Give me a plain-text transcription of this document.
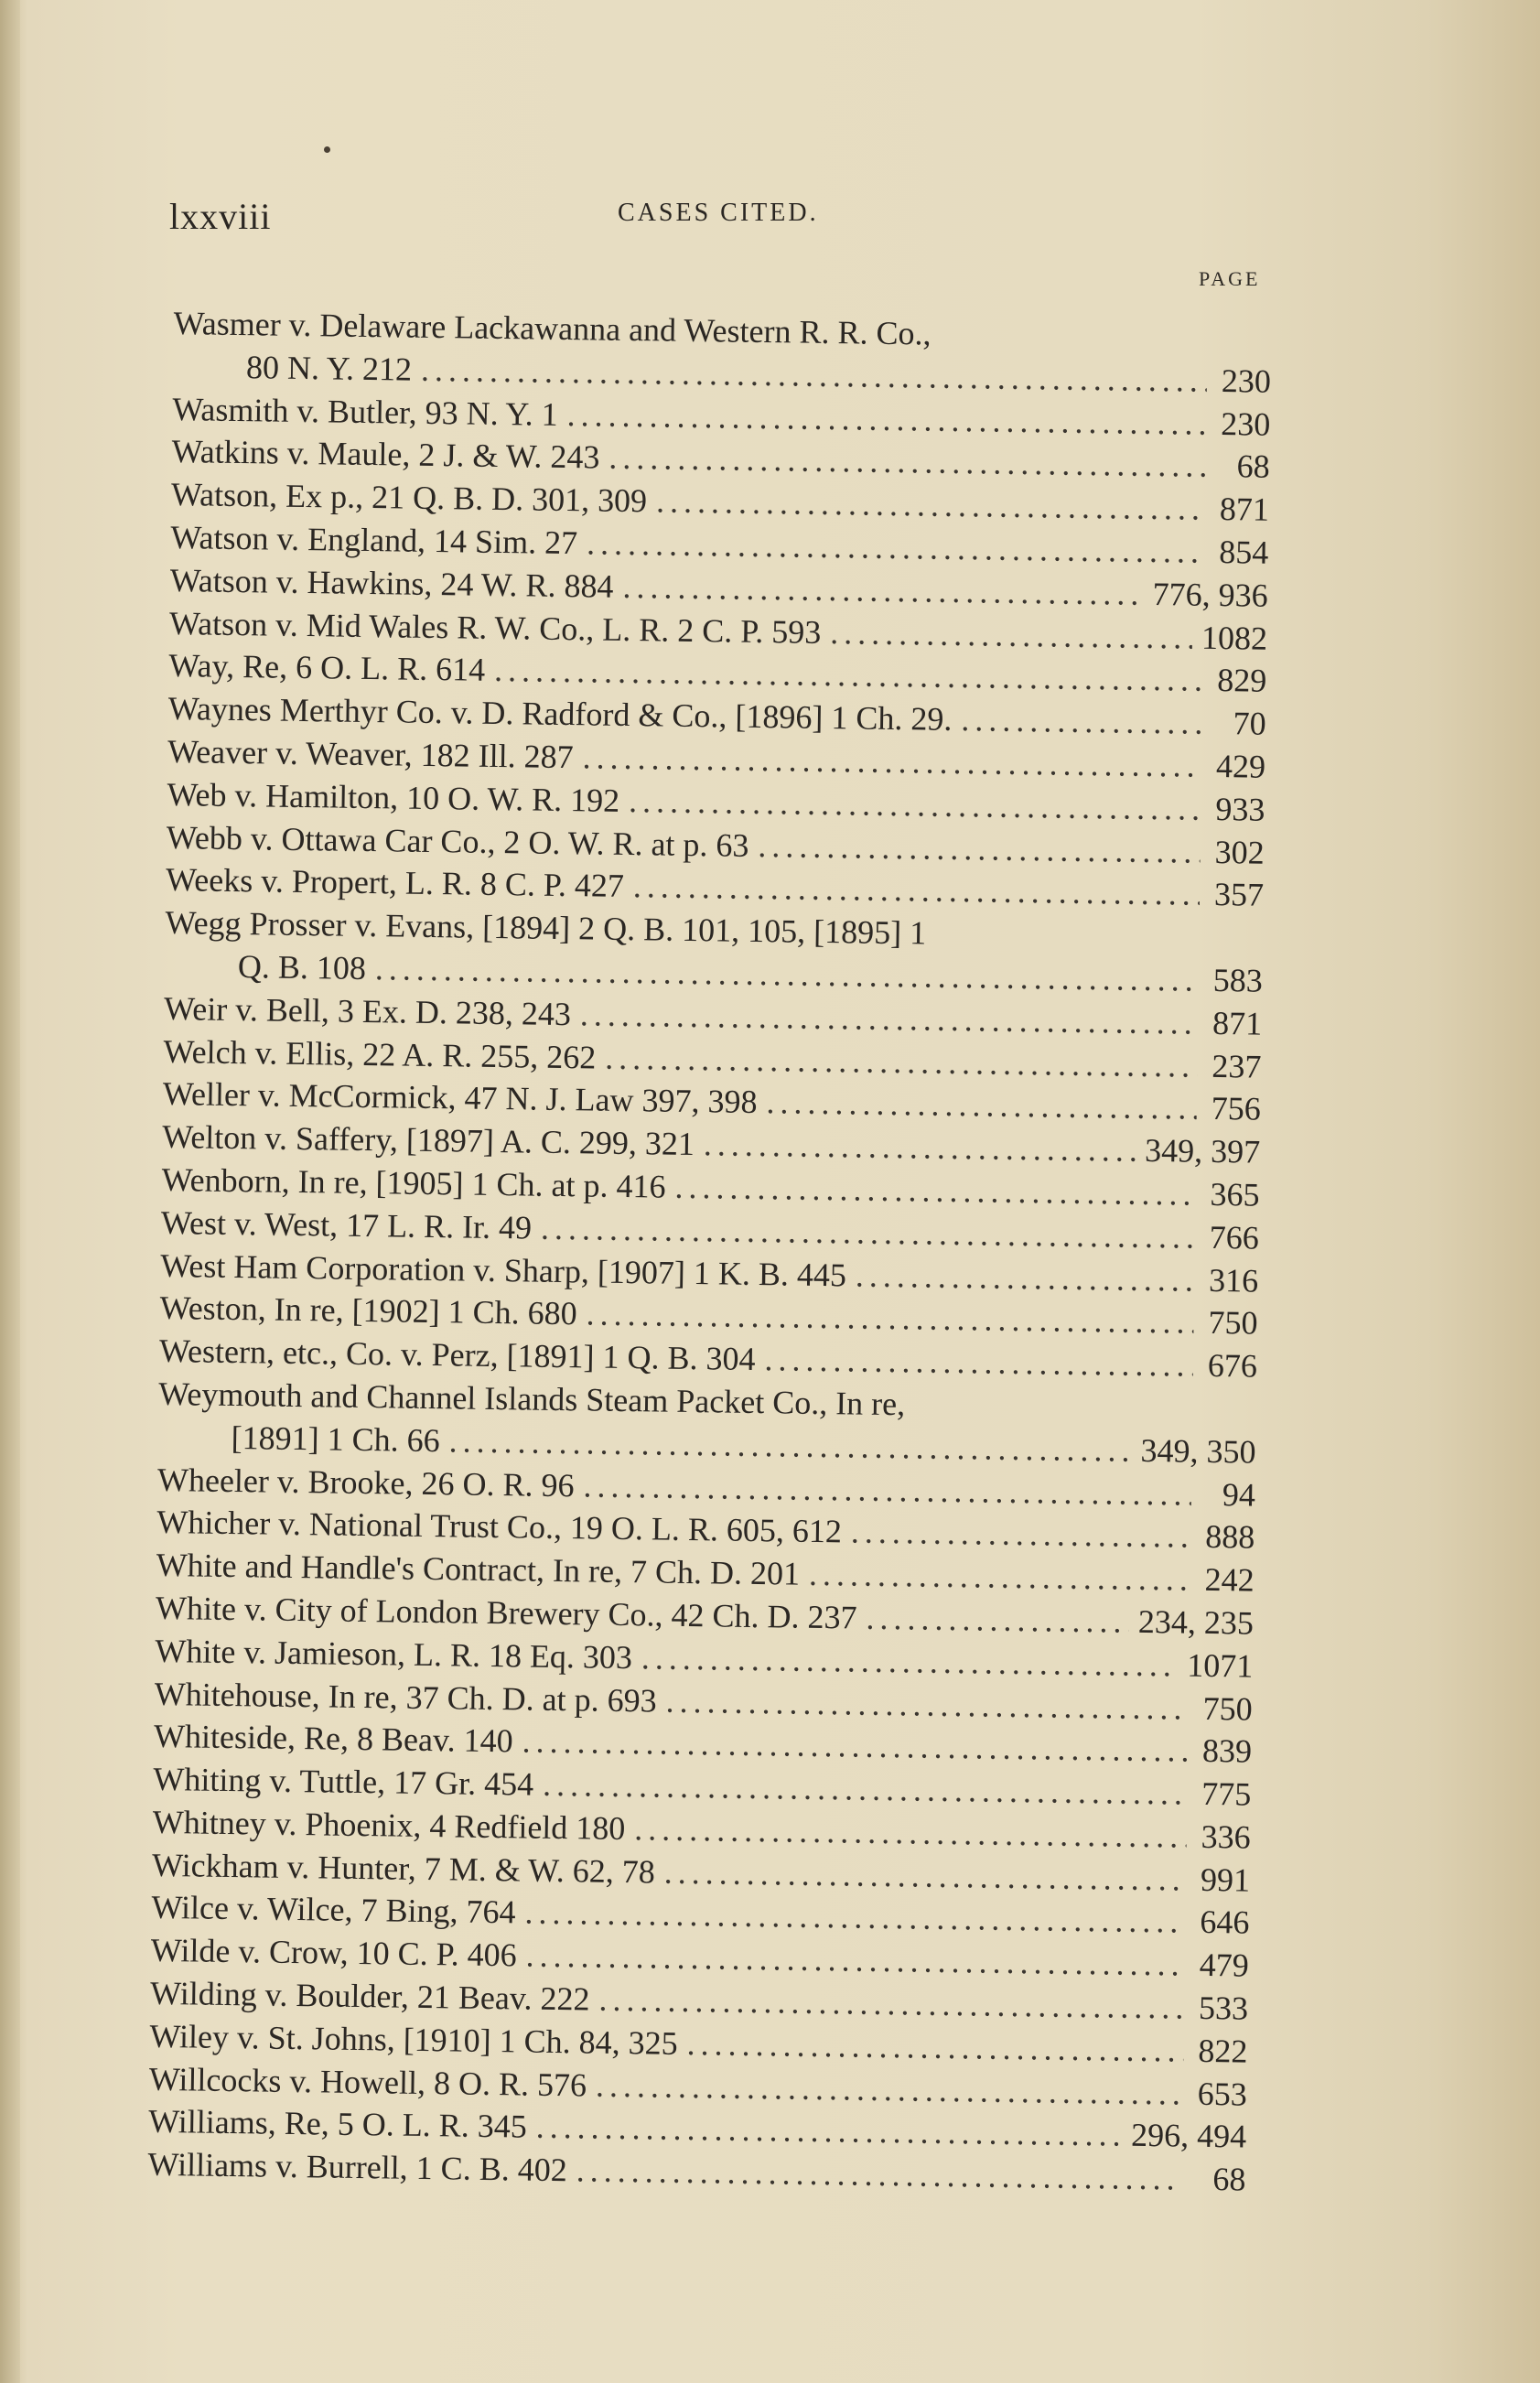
lxxviii	CASES CITED.
PAGE
Wasmer v. Delaware Lackawanna and Western R. R. Co.,
80 N. Y. 212 .....	230
Wasmith v. Butler, 93 N. Y. 1 .....	230
Watkins v. Maule, 2 J. & W. 243 .....	68
Watson, Ex p., 21 Q. B. D. 301, 309 .....	871
Watson v. England, 14 Sim. 27 .....	854
Watson v. Hawkins, 24 W. R. 884 .....	776, 936
Watson v. Mid Wales R. W. Co., L. R. 2 C. P. 593 .....	1082
Way, Re, 6 O. L. R. 614 .....	829
Waynes Merthyr Co. v. D. Radford & Co., [1896] 1 Ch. 29. .....	70
Weaver v. Weaver, 182 Ill. 287 .....	429
Web v. Hamilton, 10 O. W. R. 192 .....	933
Webb v. Ottawa Car Co., 2 O. W. R. at p. 63 .....	302
Weeks v. Propert, L. R. 8 C. P. 427 .....	357
Wegg Prosser v. Evans, [1894] 2 Q. B. 101, 105, [1895] 1
Q. B. 108 .....	583
Weir v. Bell, 3 Ex. D. 238, 243 .....	871
Welch v. Ellis, 22 A. R. 255, 262 .....	237
Weller v. McCormick, 47 N. J. Law 397, 398 .....	756
Welton v. Saffery, [1897] A. C. 299, 321 .....	349, 397
Wenborn, In re, [1905] 1 Ch. at p. 416 .....	365
West v. West, 17 L. R. Ir. 49 .....	766
West Ham Corporation v. Sharp, [1907] 1 K. B. 445 .....	316
Weston, In re, [1902] 1 Ch. 680 .....	750
Western, etc., Co. v. Perz, [1891] 1 Q. B. 304 .....	676
Weymouth and Channel Islands Steam Packet Co., In re,
[1891] 1 Ch. 66 .....	349, 350
Wheeler v. Brooke, 26 O. R. 96 .....	94
Whicher v. National Trust Co., 19 O. L. R. 605, 612 .....	888
White and Handle's Contract, In re, 7 Ch. D. 201 .....	242
White v. City of London Brewery Co., 42 Ch. D. 237 .....	234, 235
White v. Jamieson, L. R. 18 Eq. 303 .....	1071
Whitehouse, In re, 37 Ch. D. at p. 693 .....	750
Whiteside, Re, 8 Beav. 140 .....	839
Whiting v. Tuttle, 17 Gr. 454 .....	775
Whitney v. Phoenix, 4 Redfield 180 .....	336
Wickham v. Hunter, 7 M. & W. 62, 78 .....	991
Wilce v. Wilce, 7 Bing, 764 .....	646
Wilde v. Crow, 10 C. P. 406 .....	479
Wilding v. Boulder, 21 Beav. 222 .....	533
Wiley v. St. Johns, [1910] 1 Ch. 84, 325 .....	822
Willcocks v. Howell, 8 O. R. 576 .....	653
Williams, Re, 5 O. L. R. 345 .....	296, 494
Williams v. Burrell, 1 C. B. 402 .....	68
